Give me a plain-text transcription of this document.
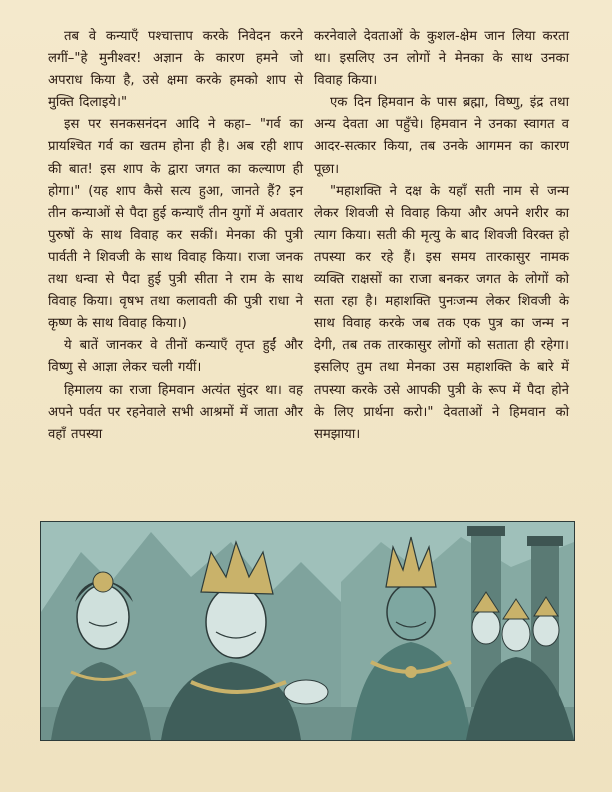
तब वे कन्याएँ पश्चात्ताप करके निवेदन करने लगीं–"हे मुनीश्वर! अज्ञान के कारण हमने जो अपराध किया है, उसे क्षमा करके हमको शाप से मुक्ति दिलाइये।"

इस पर सनकसनंदन आदि ने कहा– "गर्व का प्रायश्चित गर्व का खतम होना ही है। अब रही शाप की बात! इस शाप के द्वारा जगत का कल्याण ही होगा।" (यह शाप कैसे सत्य हुआ, जानते हैं? इन तीन कन्याओं से पैदा हुई कन्याएँ तीन युगों में अवतार पुरुषों के साथ विवाह कर सकीं। मेनका की पुत्री पार्वती ने शिवजी के साथ विवाह किया। राजा जनक तथा धन्वा से पैदा हुई पुत्री सीता ने राम के साथ विवाह किया। वृषभ तथा कलावती की पुत्री राधा ने कृष्ण के साथ विवाह किया।)

ये बातें जानकर वे तीनों कन्याएँ तृप्त हुईं और विष्णु से आज्ञा लेकर चली गयीं।

हिमालय का राजा हिमवान अत्यंत सुंदर था। वह अपने पर्वत पर रहनेवाले सभी आश्रमों में जाता और वहाँ तपस्या

करनेवाले देवताओं के कुशल-क्षेम जान लिया करता था। इसलिए उन लोगों ने मेनका के साथ उनका विवाह किया।

एक दिन हिमवान के पास ब्रह्मा, विष्णु, इंद्र तथा अन्य देवता आ पहुँचे। हिमवान ने उनका स्वागत व आदर-सत्कार किया, तब उनके आगमन का कारण पूछा।

"महाशक्ति ने दक्ष के यहाँ सती नाम से जन्म लेकर शिवजी से विवाह किया और अपने शरीर का त्याग किया। सती की मृत्यु के बाद शिवजी विरक्त हो तपस्या कर रहे हैं। इस समय तारकासुर नामक व्यक्ति राक्षसों का राजा बनकर जगत के लोगों को सता रहा है। महाशक्ति पुनःजन्म लेकर शिवजी के साथ विवाह करके जब तक एक पुत्र का जन्म न देगी, तब तक तारकासुर लोगों को सताता ही रहेगा। इसलिए तुम तथा मेनका उस महाशक्ति के बारे में तपस्या करके उसे आपकी पुत्री के रूप में पैदा होने के लिए प्रार्थना करो।" देवताओं ने हिमवान को समझाया।
